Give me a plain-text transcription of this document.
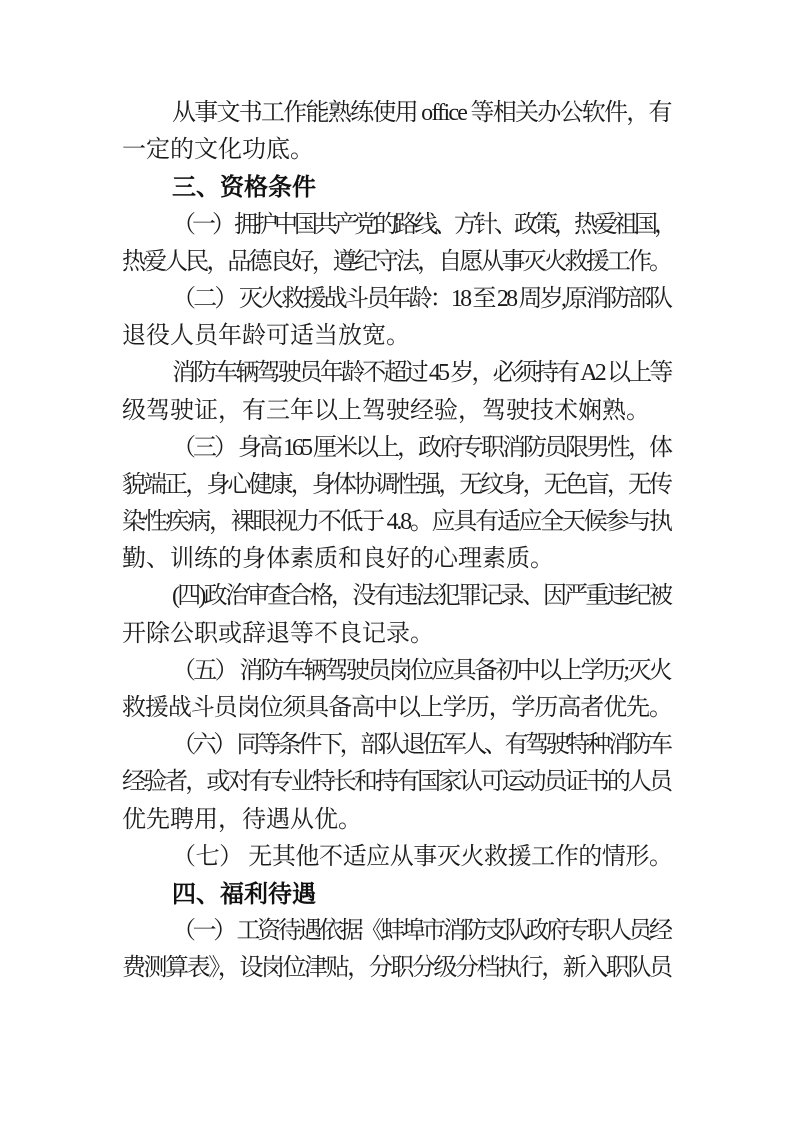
从事文书工作能熟练使用 office 等相关办公软件，有
一定的文化功底。
三、资格条件
（一） 拥护中国共产党的路线、方针、政策，热爱祖国，
热爱人民，品德良好，遵纪守法，自愿从事灭火救援工作。
（二） 灭火救援战斗员年龄：18 至 28 周岁,原消防部队
退役人员年龄可适当放宽。
消防车辆驾驶员年龄不超过 45 岁，必须持有 A2 以上等
级驾驶证，有三年以上驾驶经验，驾驶技术娴熟。
（三） 身高 165 厘米以上，政府专职消防员限男性，体
貌端正，身心健康，身体协调性强，无纹身，无色盲，无传
染性疾病，裸眼视力不低于 4.8。应具有适应全天候参与执
勤、训练的身体素质和良好的心理素质。
(四)政治审查合格，没有违法犯罪记录、因严重违纪被
开除公职或辞退等不良记录。
（五） 消防车辆驾驶员岗位应具备初中以上学历;灭火
救援战斗员岗位须具备高中以上学历，学历高者优先。
（六） 同等条件下，部队退伍军人、有驾驶特种消防车
经验者，或对有专业特长和持有国家认可运动员证书的人员
优先聘用，待遇从优。
（七） 无其他不适应从事灭火救援工作的情形。
四、福利待遇
（一） 工资待遇依据《蚌埠市消防支队政府专职人员经
费测算表》，设岗位津贴，分职分级分档执行，新入职队员
